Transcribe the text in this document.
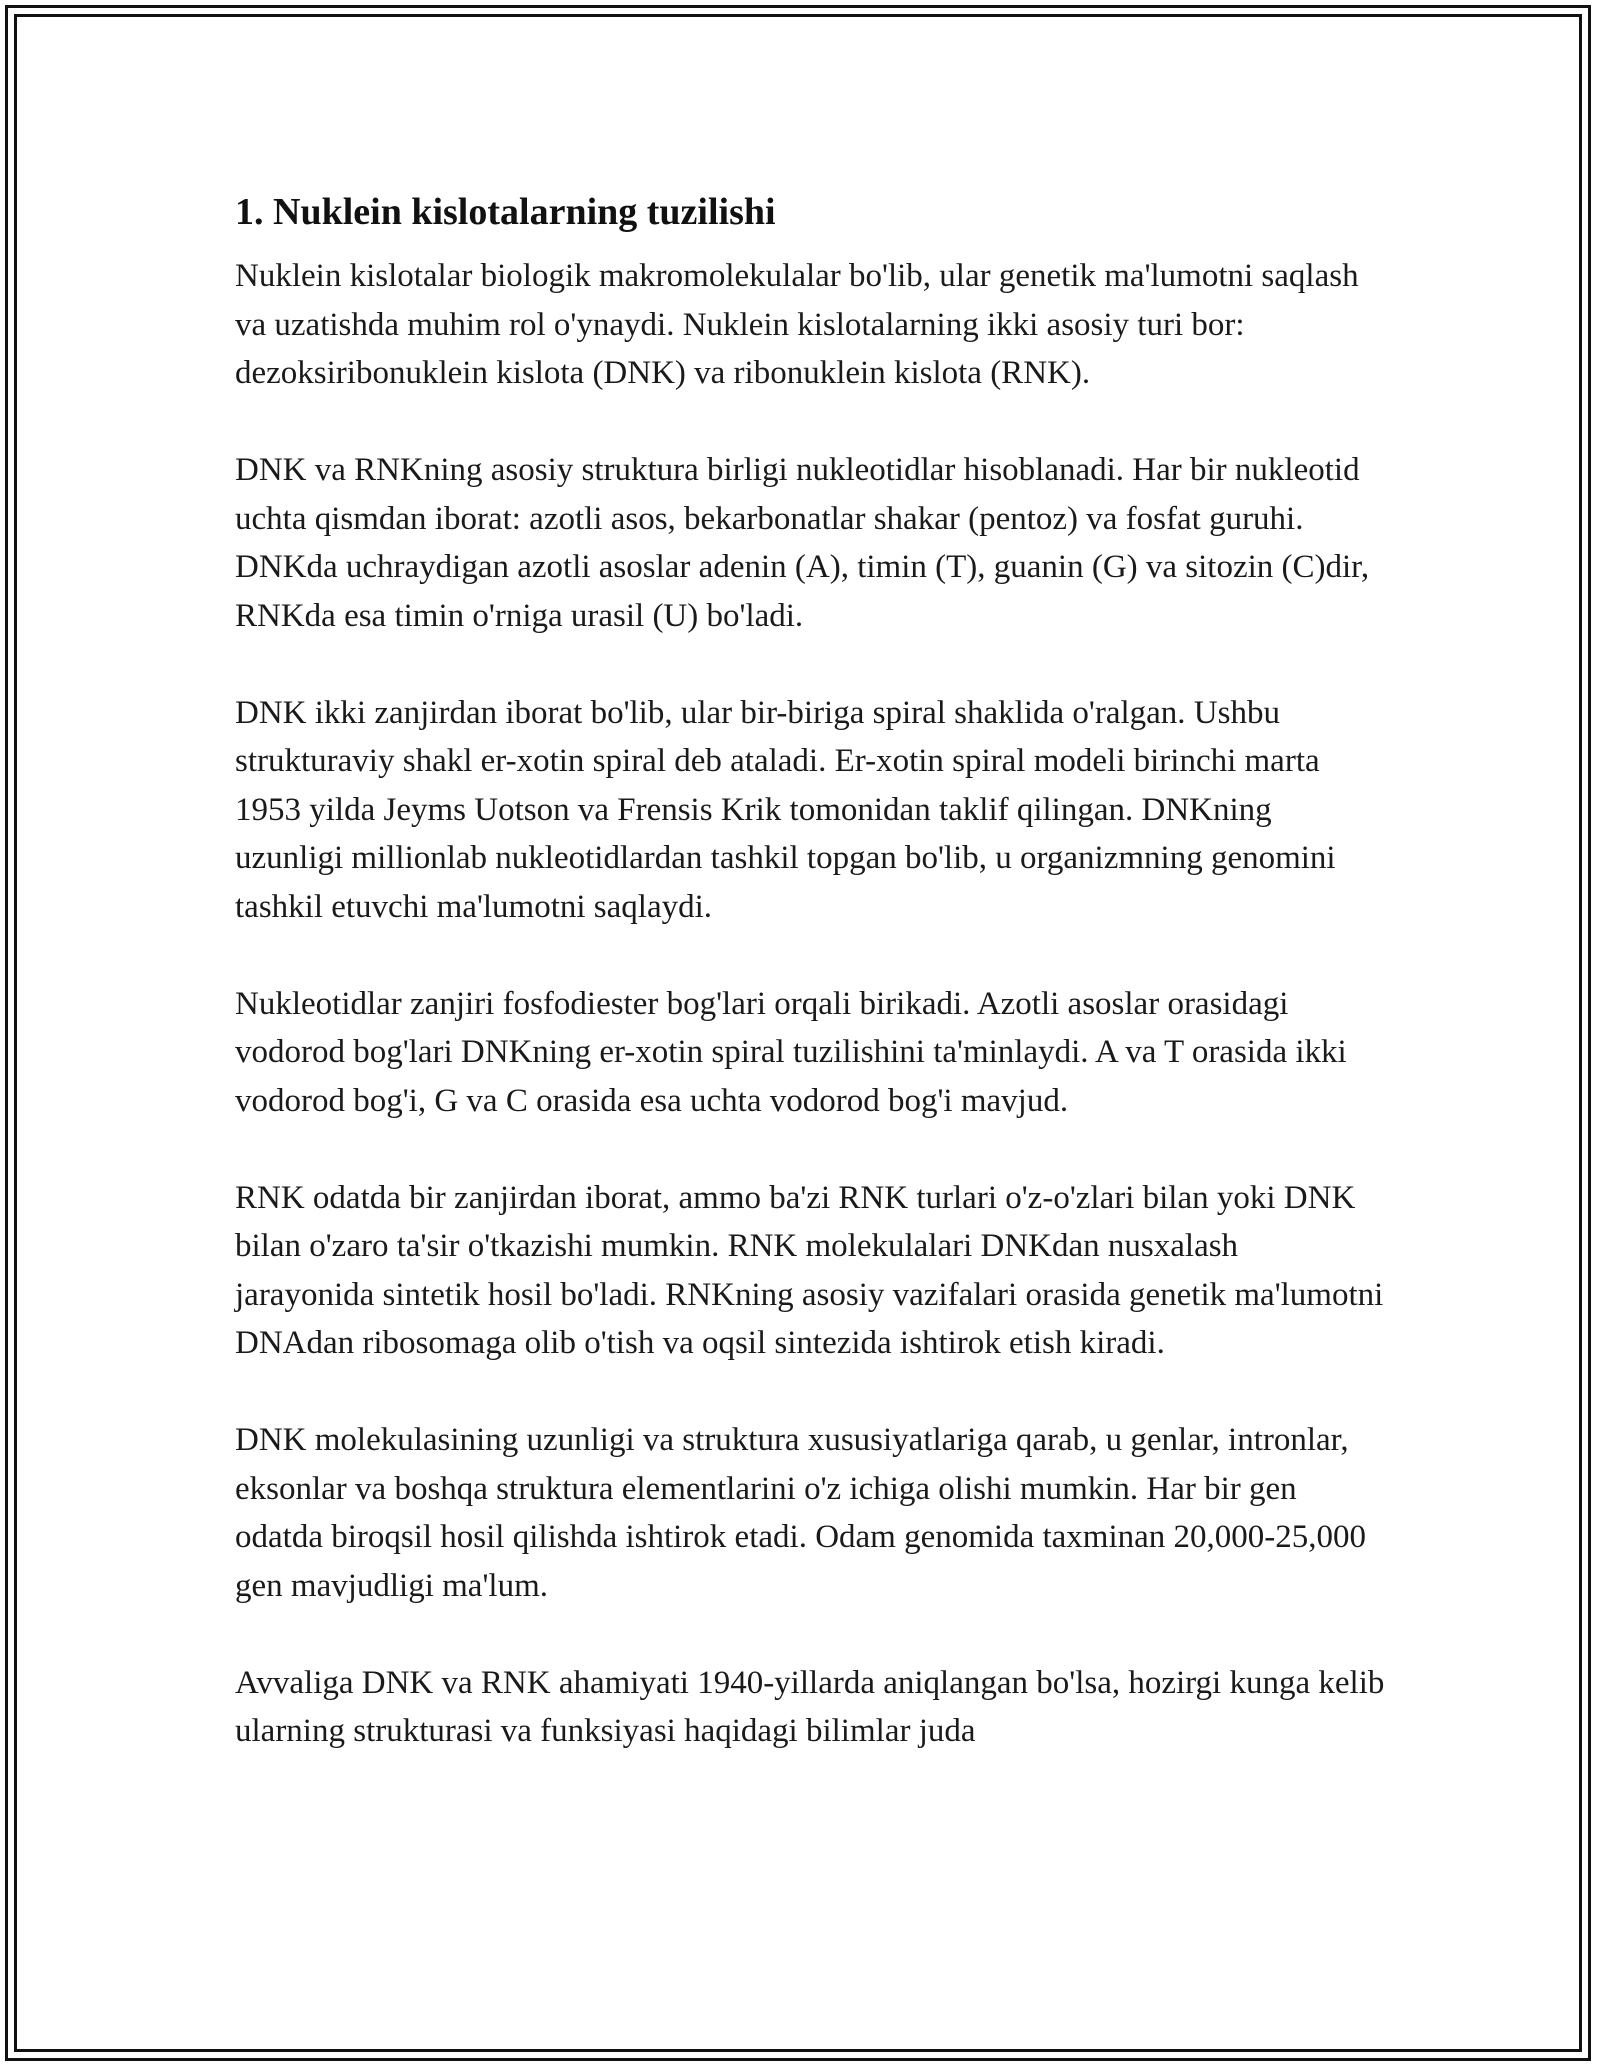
1. Nuklein kislotalarning tuzilishi

Nuklein kislotalar biologik makromolekulalar bo'lib, ular genetik ma'lumotni saqlash va uzatishda muhim rol o'ynaydi. Nuklein kislotalarning ikki asosiy turi bor: dezoksiribonuklein kislota (DNK) va ribonuklein kislota (RNK).

DNK va RNKning asosiy struktura birligi nukleotidlar hisoblanadi. Har bir nukleotid uchta qismdan iborat: azotli asos, bekarbonatlar shakar (pentoz) va fosfat guruhi. DNKda uchraydigan azotli asoslar adenin (A), timin (T), guanin (G) va sitozin (C)dir, RNKda esa timin o'rniga urasil (U) bo'ladi.

DNK ikki zanjirdan iborat bo'lib, ular bir-biriga spiral shaklida o'ralgan. Ushbu strukturaviy shakl er-xotin spiral deb ataladi. Er-xotin spiral modeli birinchi marta 1953 yilda Jeyms Uotson va Frensis Krik tomonidan taklif qilingan. DNKning uzunligi millionlab nukleotidlardan tashkil topgan bo'lib, u organizmning genomini tashkil etuvchi ma'lumotni saqlaydi.

Nukleotidlar zanjiri fosfodiester bog'lari orqali birikadi. Azotli asoslar orasidagi vodorod bog'lari DNKning er-xotin spiral tuzilishini ta'minlaydi. A va T orasida ikki vodorod bog'i, G va C orasida esa uchta vodorod bog'i mavjud.

RNK odatda bir zanjirdan iborat, ammo ba'zi RNK turlari o'z-o'zlari bilan yoki DNK bilan o'zaro ta'sir o'tkazishi mumkin. RNK molekulalari DNKdan nusxalash jarayonida sintetik hosil bo'ladi. RNKning asosiy vazifalari orasida genetik ma'lumotni DNAdan ribosomaga olib o'tish va oqsil sintezida ishtirok etish kiradi.

DNK molekulasining uzunligi va struktura xususiyatlariga qarab, u genlar, intronlar, eksonlar va boshqa struktura elementlarini o'z ichiga olishi mumkin. Har bir gen odatda biroqsil hosil qilishda ishtirok etadi. Odam genomida taxminan 20,000-25,000 gen mavjudligi ma'lum.

Avvaliga DNK va RNK ahamiyati 1940-yillarda aniqlangan bo'lsa, hozirgi kunga kelib ularning strukturasi va funksiyasi haqidagi bilimlar juda
